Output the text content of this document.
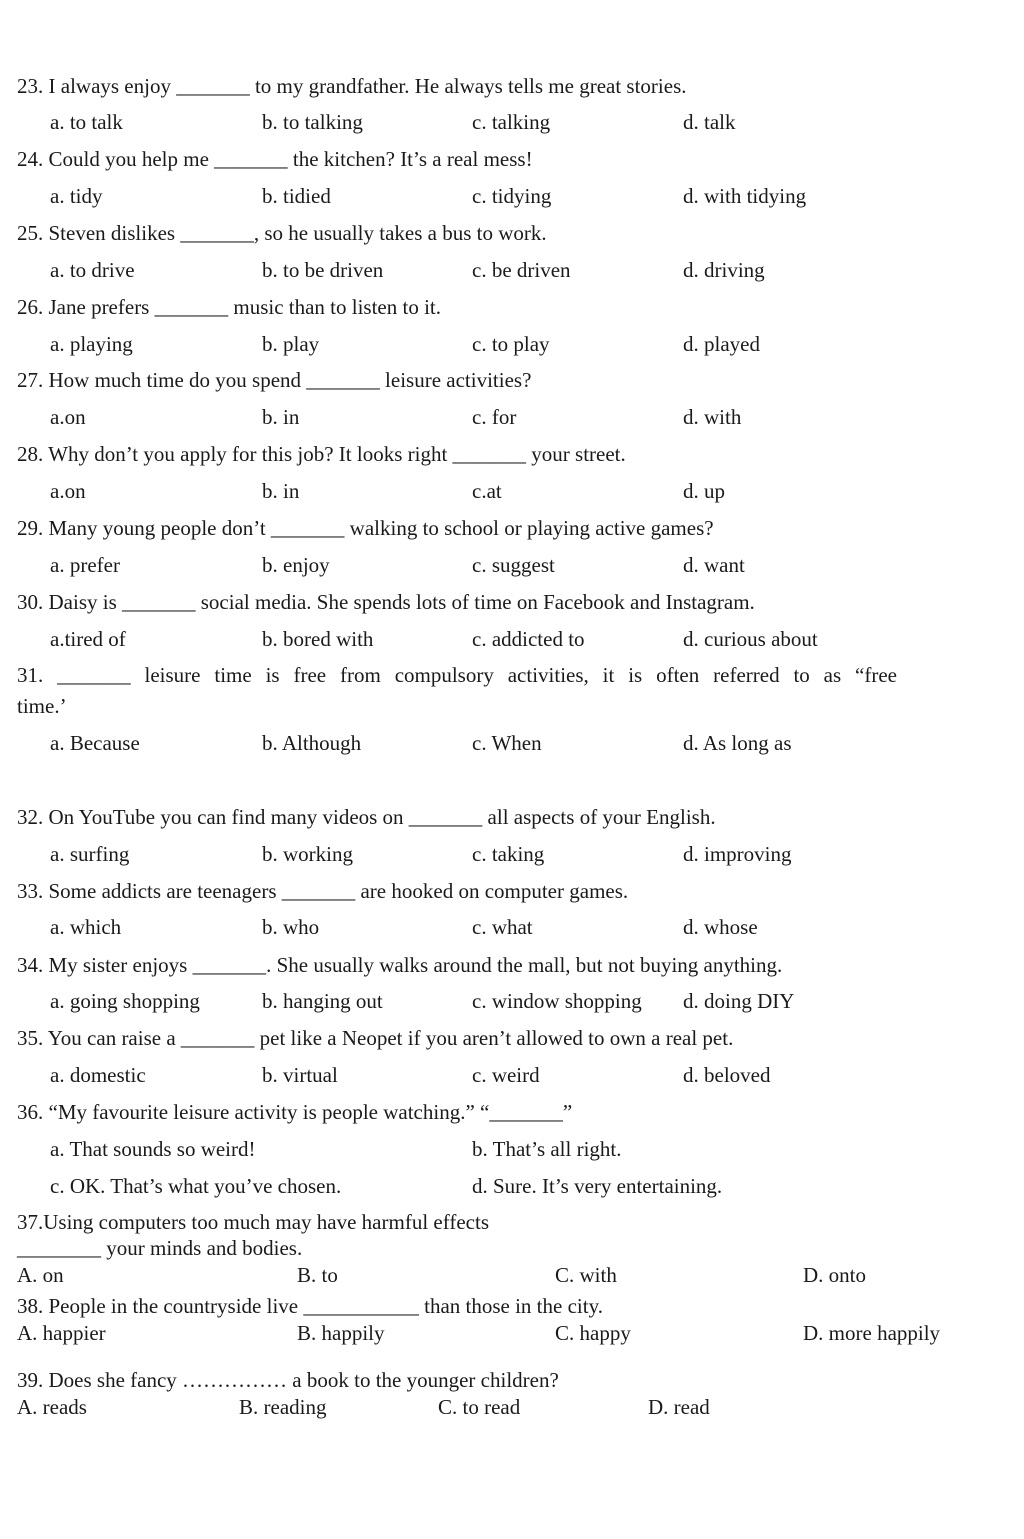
23. I always enjoy _______ to my grandfather. He always tells me great stories.
a. to talk	b. to talking	c. talking	d. talk
24. Could you help me _______ the kitchen? It’s a real mess!
a. tidy	b. tidied	c. tidying	d. with tidying
25. Steven dislikes _______, so he usually takes a bus to work.
a. to drive	b. to be driven	c. be driven	d. driving
26. Jane prefers _______ music than to listen to it.
a. playing	b. play	c. to play	d. played
27. How much time do you spend _______ leisure activities?
a.on	b. in	c. for	d. with
28. Why don’t you apply for this job? It looks right _______ your street.
a.on	b. in	c.at	d. up
29. Many young people don’t _______ walking to school or playing active games?
a. prefer	b. enjoy	c. suggest	d. want
30. Daisy is _______ social media. She spends lots of time on Facebook and Instagram.
a.tired of	b. bored with	c. addicted to	d. curious about
31. _______ leisure time is free from compulsory activities, it is often referred to as “free
time.’
a. Because	b. Although	c. When	d. As long as
32. On YouTube you can find many videos on _______ all aspects of your English.
a. surfing	b. working	c. taking	d. improving
33. Some addicts are teenagers _______ are hooked on computer games.
a. which	b. who	c. what	d. whose
34. My sister enjoys _______. She usually walks around the mall, but not buying anything.
a. going shopping	b. hanging out	c. window shopping d. doing DIY
35. You can raise a _______ pet like a Neopet if you aren’t allowed to own a real pet.
a. domestic	b. virtual	c. weird	d. beloved
36. “My favourite leisure activity is people watching.” “_______”
a. That sounds so weird!	b. That’s all right.
c. OK. That’s what you’ve chosen.	d. Sure. It’s very entertaining.
37.Using computers too much may have harmful effects
________ your minds and bodies.
A. on	B. to	C. with	D. onto
38. People in the countryside live ___________ than those in the city.
A. happier	B. happily	C. happy	D. more happily
39. Does she fancy …………… a book to the younger children?
A. reads	B. reading	C. to read	D. read
